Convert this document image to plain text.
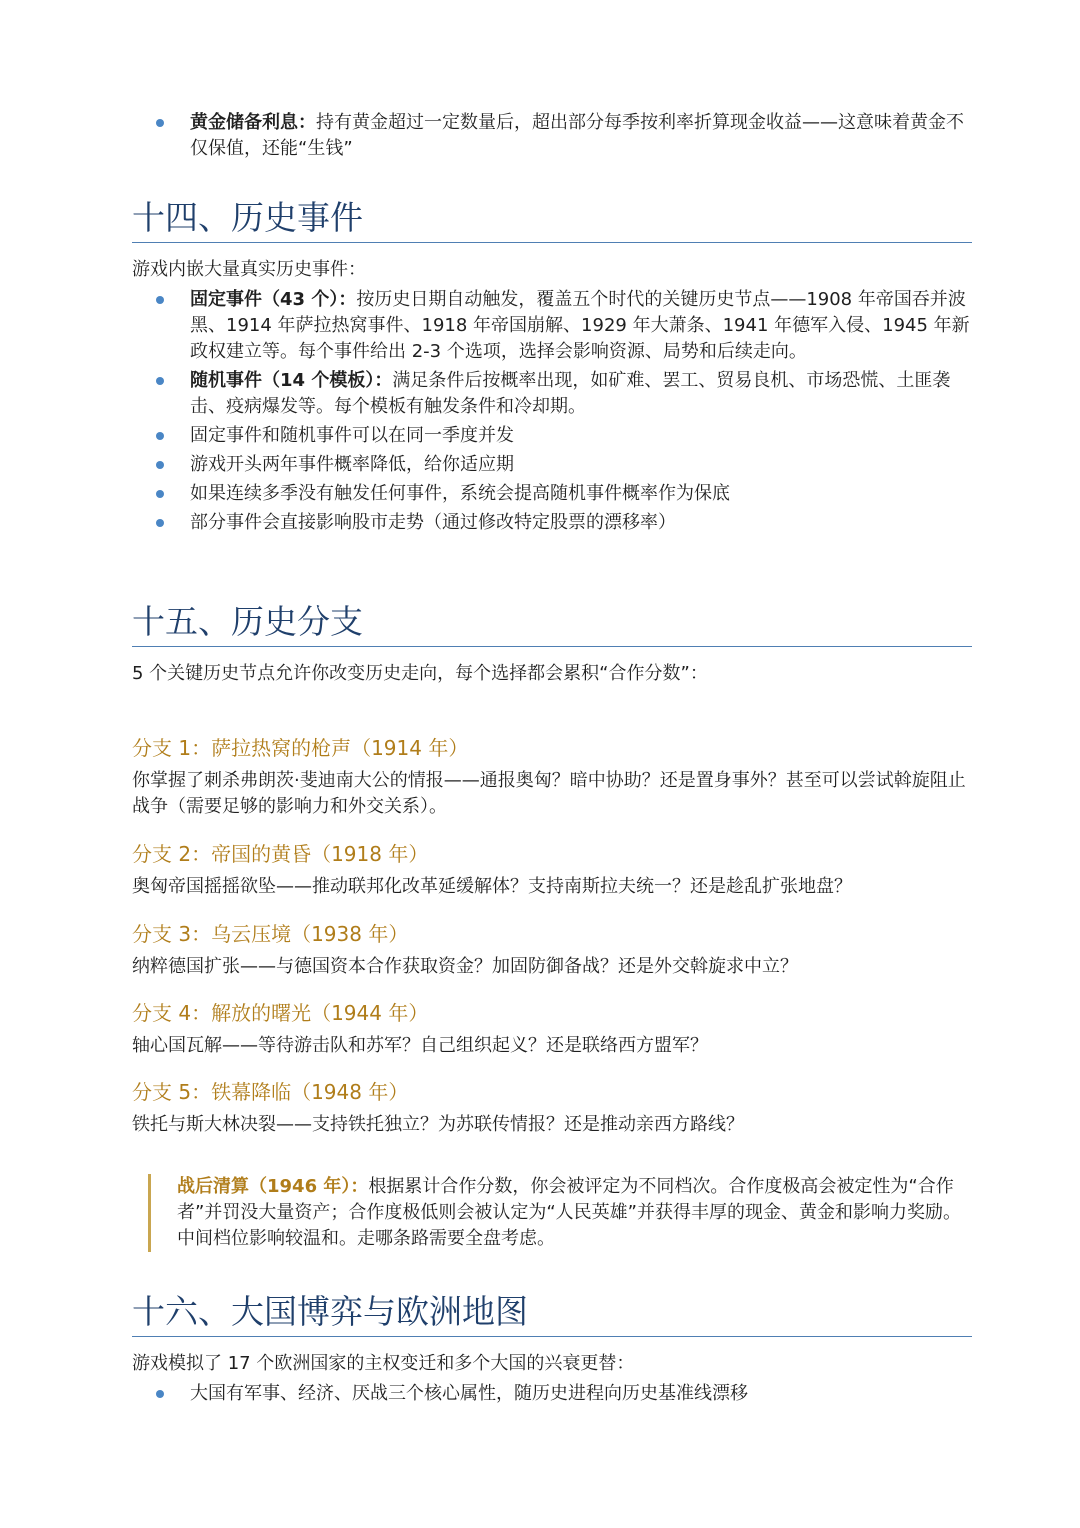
黄金储备利息：持有黄金超过一定数量后，超出部分每季按利率折算现金收益——这意味着黄金不仅保值，还能“生钱”
十四、历史事件

游戏内嵌大量真实历史事件：

固定事件（43 个）：按历史日期自动触发，覆盖五个时代的关键历史节点——1908 年帝国吞并波黑、1914 年萨拉热窝事件、1918 年帝国崩解、1929 年大萧条、1941 年德军入侵、1945 年新政权建立等。每个事件给出 2-3 个选项，选择会影响资源、局势和后续走向。
随机事件（14 个模板）：满足条件后按概率出现，如矿难、罢工、贸易良机、市场恐慌、土匪袭击、疫病爆发等。每个模板有触发条件和冷却期。
固定事件和随机事件可以在同一季度并发
游戏开头两年事件概率降低，给你适应期
如果连续多季没有触发任何事件，系统会提高随机事件概率作为保底
部分事件会直接影响股市走势（通过修改特定股票的漂移率）
十五、历史分支

5 个关键历史节点允许你改变历史走向，每个选择都会累积“合作分数”：

分支 1：萨拉热窝的枪声（1914 年）

你掌握了刺杀弗朗茨·斐迪南大公的情报——通报奥匈？暗中协助？还是置身事外？甚至可以尝试斡旋阻止战争（需要足够的影响力和外交关系）。

分支 2：帝国的黄昏（1918 年）

奥匈帝国摇摇欲坠——推动联邦化改革延缓解体？支持南斯拉夫统一？还是趁乱扩张地盘？

分支 3：乌云压境（1938 年）

纳粹德国扩张——与德国资本合作获取资金？加固防御备战？还是外交斡旋求中立？

分支 4：解放的曙光（1944 年）

轴心国瓦解——等待游击队和苏军？自己组织起义？还是联络西方盟军？

分支 5：铁幕降临（1948 年）

铁托与斯大林决裂——支持铁托独立？为苏联传情报？还是推动亲西方路线？

战后清算（1946 年）：根据累计合作分数，你会被评定为不同档次。合作度极高会被定性为“合作者”并罚没大量资产；合作度极低则会被认定为“人民英雄”并获得丰厚的现金、黄金和影响力奖励。中间档位影响较温和。走哪条路需要全盘考虑。

十六、大国博弈与欧洲地图

游戏模拟了 17 个欧洲国家的主权变迁和多个大国的兴衰更替：

大国有军事、经济、厌战三个核心属性，随历史进程向历史基准线漂移
